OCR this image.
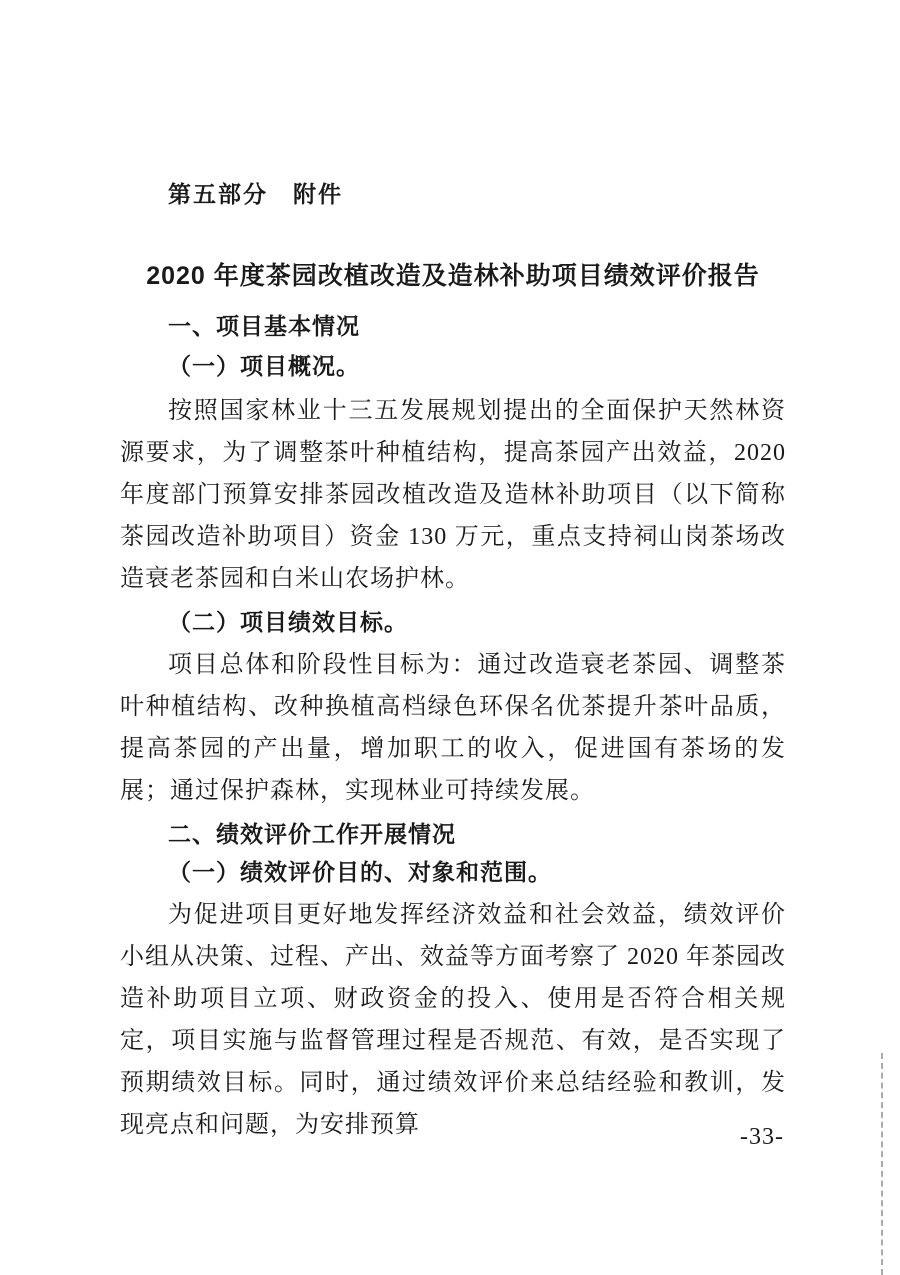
第五部分　附件
2020 年度茶园改植改造及造林补助项目绩效评价报告
一、项目基本情况
（一）项目概况。

按照国家林业十三五发展规划提出的全面保护天然林资源要求，为了调整茶叶种植结构，提高茶园产出效益，2020 年度部门预算安排茶园改植改造及造林补助项目（以下简称茶园改造补助项目）资金 130 万元，重点支持祠山岗茶场改造衰老茶园和白米山农场护林。

（二）项目绩效目标。

项目总体和阶段性目标为：通过改造衰老茶园、调整茶叶种植结构、改种换植高档绿色环保名优茶提升茶叶品质，提高茶园的产出量，增加职工的收入，促进国有茶场的发展；通过保护森林，实现林业可持续发展。

二、绩效评价工作开展情况
（一）绩效评价目的、对象和范围。

为促进项目更好地发挥经济效益和社会效益，绩效评价小组从决策、过程、产出、效益等方面考察了 2020 年茶园改造补助项目立项、财政资金的投入、使用是否符合相关规定，项目实施与监督管理过程是否规范、有效，是否实现了预期绩效目标。同时，通过绩效评价来总结经验和教训，发现亮点和问题，为安排预算	-33-
